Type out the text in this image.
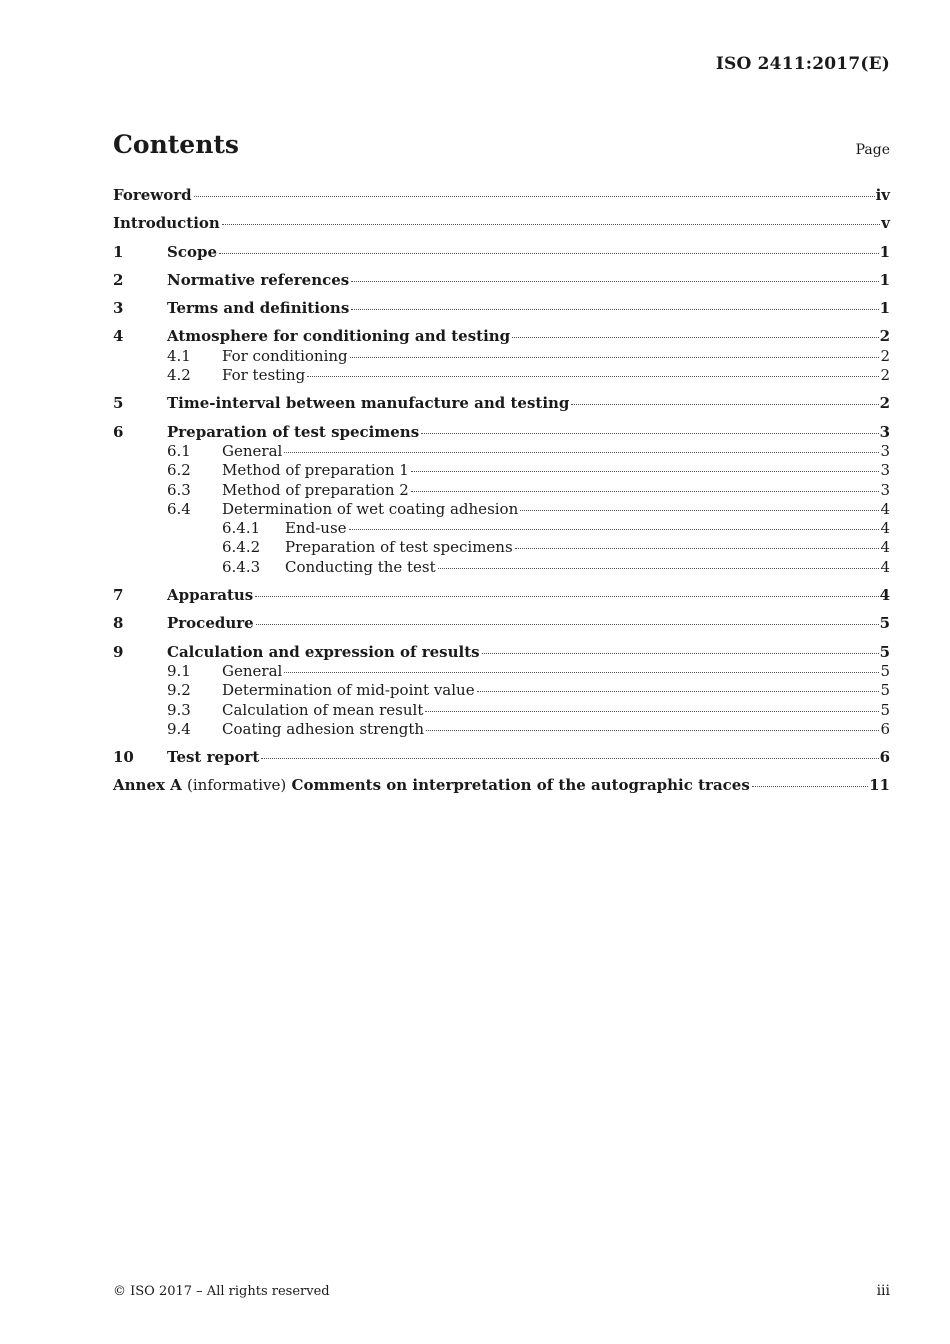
ISO 2411:2017(E)
Contents	Page
Foreword	iv
Introduction	v
1	Scope	1
2	Normative references	1
3	Terms and definitions	1
4	Atmosphere for conditioning and testing	2
4.1	For conditioning	2
4.2	For testing	2
5	Time-interval between manufacture and testing	2
6	Preparation of test specimens	3
6.1	General	3
6.2	Method of preparation 1	3
6.3	Method of preparation 2	3
6.4	Determination of wet coating adhesion	4
6.4.1	End-use	4
6.4.2	Preparation of test specimens	4
6.4.3	Conducting the test	4
7	Apparatus	4
8	Procedure	5
9	Calculation and expression of results	5
9.1	General	5
9.2	Determination of mid-point value	5
9.3	Calculation of mean result	5
9.4	Coating adhesion strength	6
10	Test report	6
Annex A (informative) Comments on interpretation of the autographic traces	11
© ISO 2017 – All rights reserved	iii
